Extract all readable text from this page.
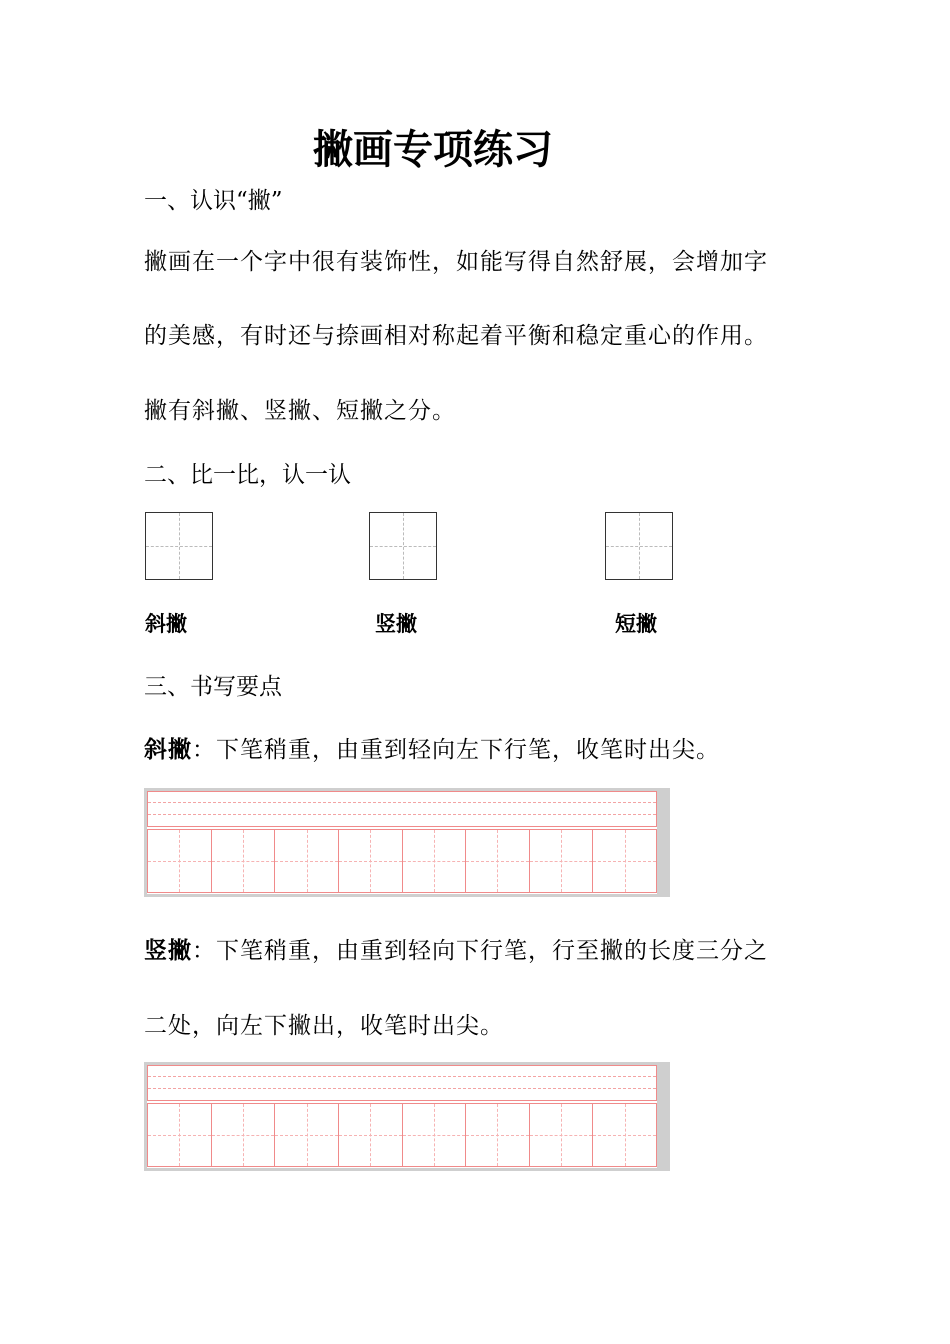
撇画专项练习
一、认识“撇”
撇画在一个字中很有装饰性，如能写得自然舒展，会增加字
的美感，有时还与捺画相对称起着平衡和稳定重心的作用。
撇有斜撇、竖撇、短撇之分。
二、比一比，认一认
斜撇	竖撇	短撇
三、书写要点
斜撇：下笔稍重，由重到轻向左下行笔，收笔时出尖。
竖撇：下笔稍重，由重到轻向下行笔，行至撇的长度三分之
二处，向左下撇出，收笔时出尖。
